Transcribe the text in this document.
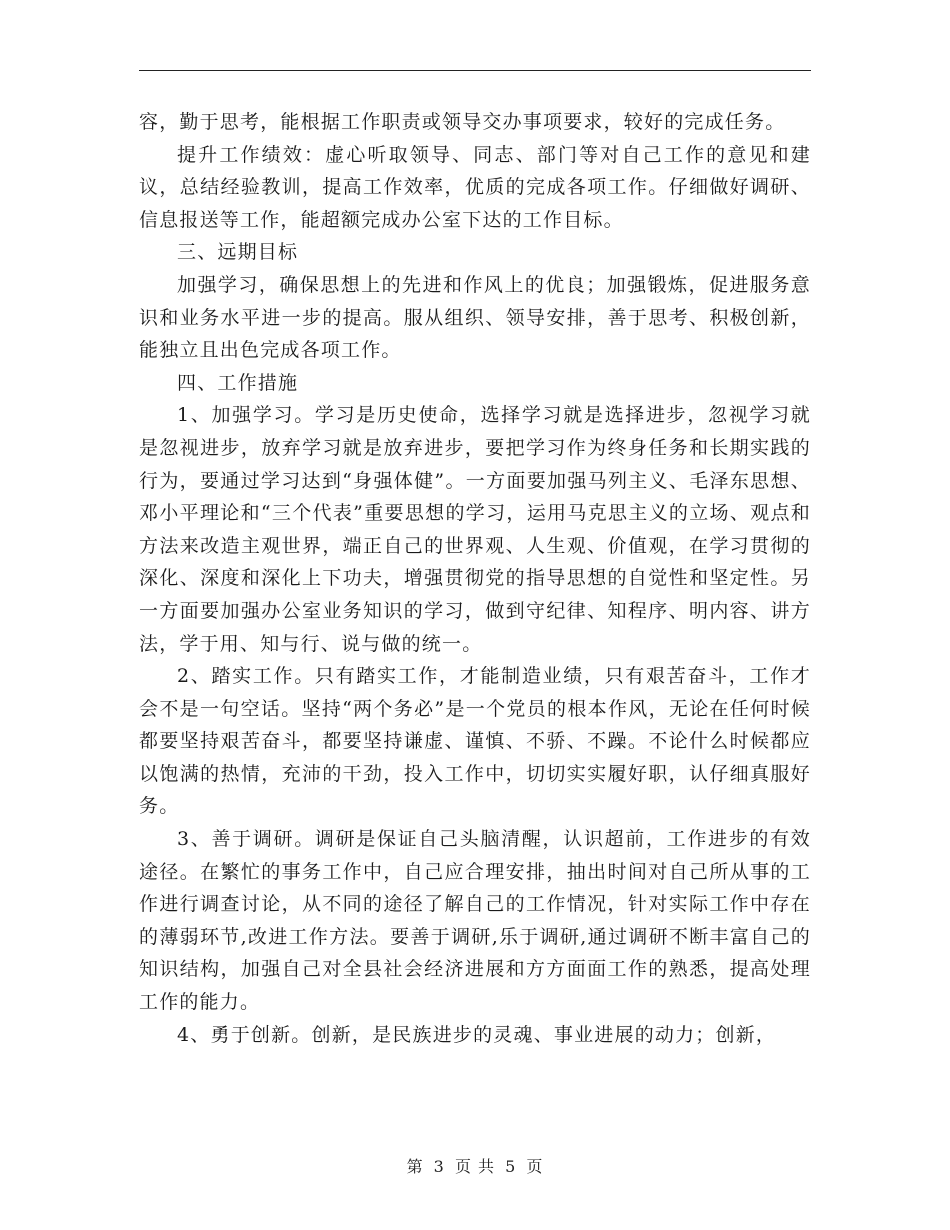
容，勤于思考，能根据工作职责或领导交办事项要求，较好的完成任务。

提升工作绩效：虚心听取领导、同志、部门等对自己工作的意见和建议，总结经验教训，提高工作效率，优质的完成各项工作。仔细做好调研、信息报送等工作，能超额完成办公室下达的工作目标。

三、远期目标

加强学习，确保思想上的先进和作风上的优良；加强锻炼，促进服务意识和业务水平进一步的提高。服从组织、领导安排，善于思考、积极创新，能独立且出色完成各项工作。

四、工作措施

1、加强学习。学习是历史使命，选择学习就是选择进步，忽视学习就是忽视进步，放弃学习就是放弃进步，要把学习作为终身任务和长期实践的行为，要通过学习达到“身强体健”。一方面要加强马列主义、毛泽东思想、邓小平理论和“三个代表”重要思想的学习，运用马克思主义的立场、观点和方法来改造主观世界，端正自己的世界观、人生观、价值观，在学习贯彻的深化、深度和深化上下功夫，增强贯彻党的指导思想的自觉性和坚定性。另一方面要加强办公室业务知识的学习，做到守纪律、知程序、明内容、讲方法，学于用、知与行、说与做的统一。

2、踏实工作。只有踏实工作，才能制造业绩，只有艰苦奋斗，工作才会不是一句空话。坚持“两个务必”是一个党员的根本作风，无论在任何时候都要坚持艰苦奋斗，都要坚持谦虚、谨慎、不骄、不躁。不论什么时候都应以饱满的热情，充沛的干劲，投入工作中，切切实实履好职，认仔细真服好务。

3、善于调研。调研是保证自己头脑清醒，认识超前，工作进步的有效途径。在繁忙的事务工作中，自己应合理安排，抽出时间对自己所从事的工作进行调查讨论，从不同的途径了解自己的工作情况，针对实际工作中存在的薄弱环节,改进工作方法。要善于调研,乐于调研,通过调研不断丰富自己的知识结构，加强自己对全县社会经济进展和方方面面工作的熟悉，提高处理工作的能力。

4、勇于创新。创新，是民族进步的灵魂、事业进展的动力；创新，

第 3 页 共 5 页
